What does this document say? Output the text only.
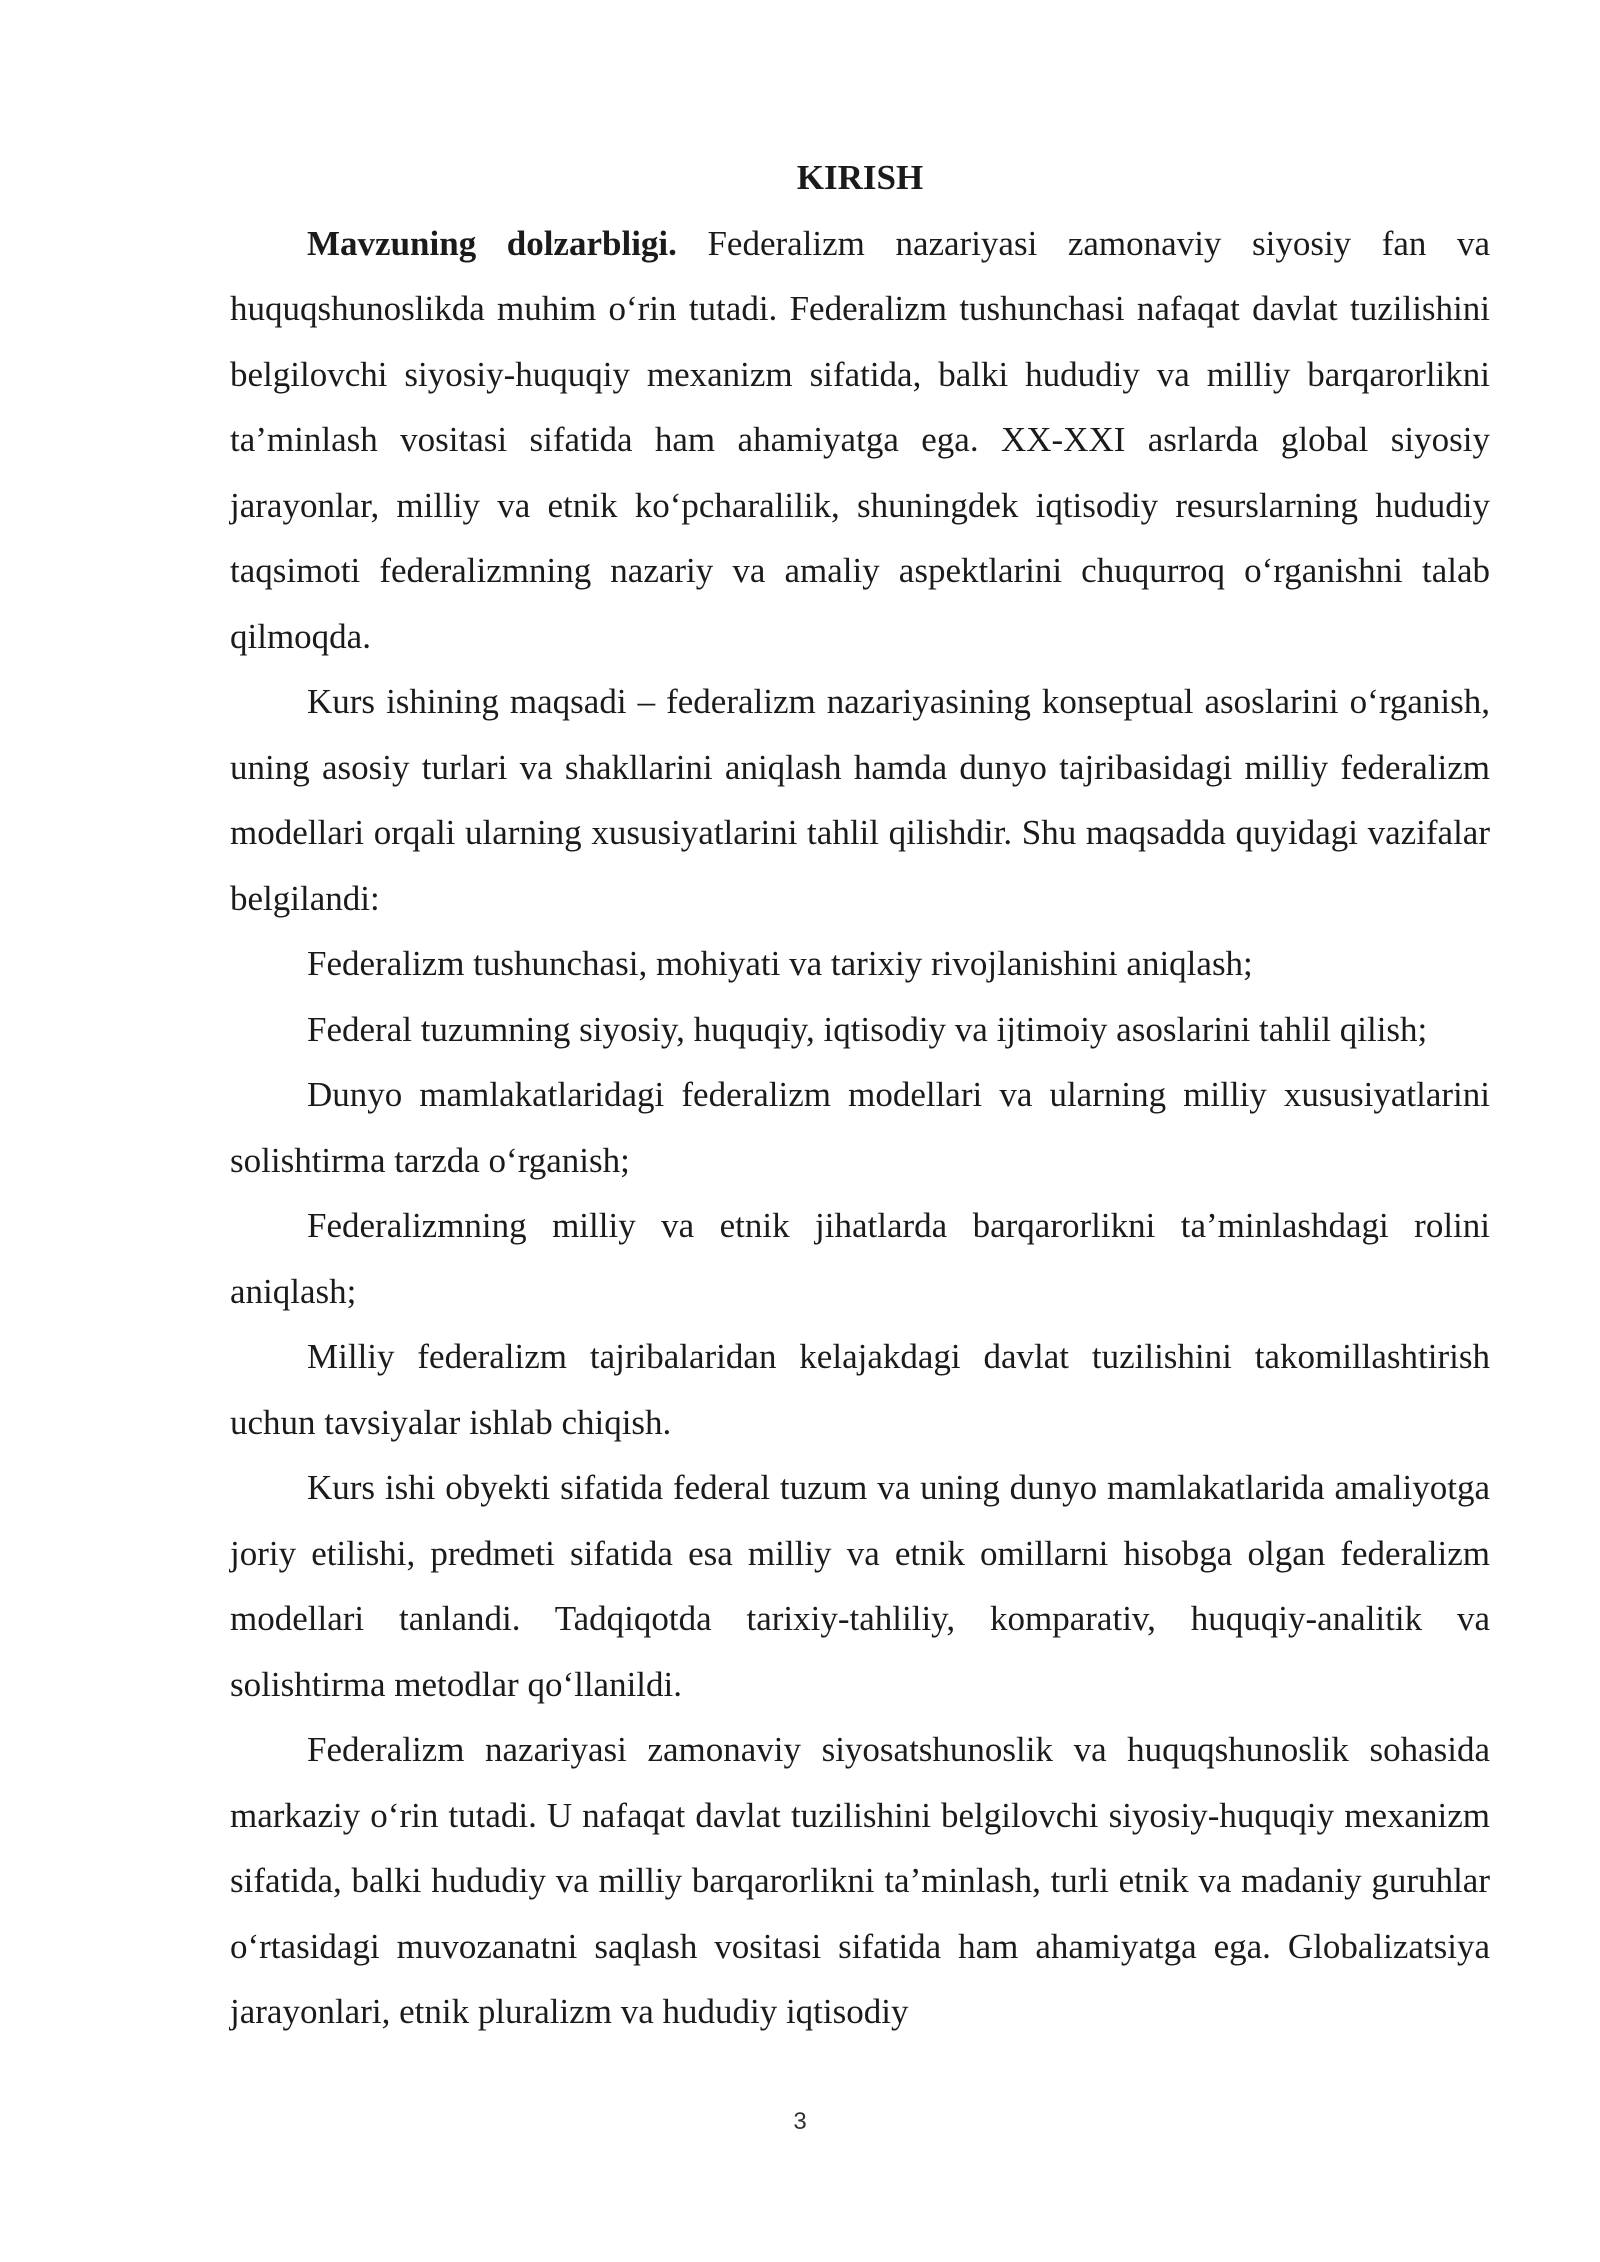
KIRISH

Mavzuning dolzarbligi. Federalizm nazariyasi zamonaviy siyosiy fan va huquqshunoslikda muhim o‘rin tutadi. Federalizm tushunchasi nafaqat davlat tuzilishini belgilovchi siyosiy-huquqiy mexanizm sifatida, balki hududiy va milliy barqarorlikni ta’minlash vositasi sifatida ham ahamiyatga ega. XX-XXI asrlarda global siyosiy jarayonlar, milliy va etnik ko‘pcharalilik, shuningdek iqtisodiy resurslarning hududiy taqsimoti federalizmning nazariy va amaliy aspektlarini chuqurroq o‘rganishni talab qilmoqda.

Kurs ishining maqsadi – federalizm nazariyasining konseptual asoslarini o‘rganish, uning asosiy turlari va shakllarini aniqlash hamda dunyo tajribasidagi milliy federalizm modellari orqali ularning xususiyatlarini tahlil qilishdir. Shu maqsadda quyidagi vazifalar belgilandi:

Federalizm tushunchasi, mohiyati va tarixiy rivojlanishini aniqlash;

Federal tuzumning siyosiy, huquqiy, iqtisodiy va ijtimoiy asoslarini tahlil qilish;

Dunyo mamlakatlaridagi federalizm modellari va ularning milliy xususiyatlarini solishtirma tarzda o‘rganish;

Federalizmning milliy va etnik jihatlarda barqarorlikni ta’minlashdagi rolini aniqlash;

Milliy federalizm tajribalaridan kelajakdagi davlat tuzilishini takomillashtirish uchun tavsiyalar ishlab chiqish.

Kurs ishi obyekti sifatida federal tuzum va uning dunyo mamlakatlarida amaliyotga joriy etilishi, predmeti sifatida esa milliy va etnik omillarni hisobga olgan federalizm modellari tanlandi. Tadqiqotda tarixiy-tahliliy, komparativ, huquqiy-analitik va solishtirma metodlar qo‘llanildi.

Federalizm nazariyasi zamonaviy siyosatshunoslik va huquqshunoslik sohasida markaziy o‘rin tutadi. U nafaqat davlat tuzilishini belgilovchi siyosiy-huquqiy mexanizm sifatida, balki hududiy va milliy barqarorlikni ta’minlash, turli etnik va madaniy guruhlar o‘rtasidagi muvozanatni saqlash vositasi sifatida ham ahamiyatga ega. Globalizatsiya jarayonlari, etnik pluralizm va hududiy iqtisodiy

3
